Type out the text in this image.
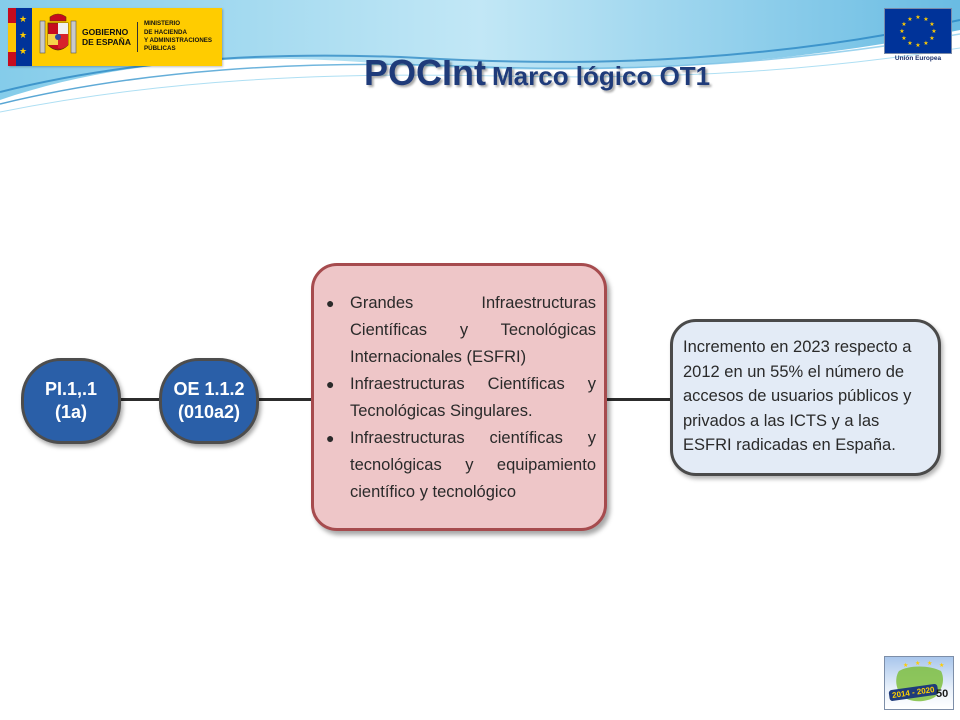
★
★
★
GOBIERNO
DE ESPAÑA
MINISTERIO
DE HACIENDA
Y ADMINISTRACIONES
PÚBLICAS
★ ★
★
★
★
★
★
★
★
★
★
★
Unión Europea
POCInt Marco lógico OT1
PI.1,.1
(1a)
OE 1.1.2
(010a2)
● Grandes Infraestructuras Científicas y Tecnológicas Internacionales (ESFRI)
● Infraestructuras Científicas y Tecnológicas Singulares.
● Infraestructuras científicas y tecnológicas y equipamiento científico y tecnológico
Incremento en 2023 respecto a 2012 en un 55% el número de accesos de usuarios públicos y privados a las ICTS y a las ESFRI radicadas en España.
★ ★ ★
★
2014 - 2020 50
